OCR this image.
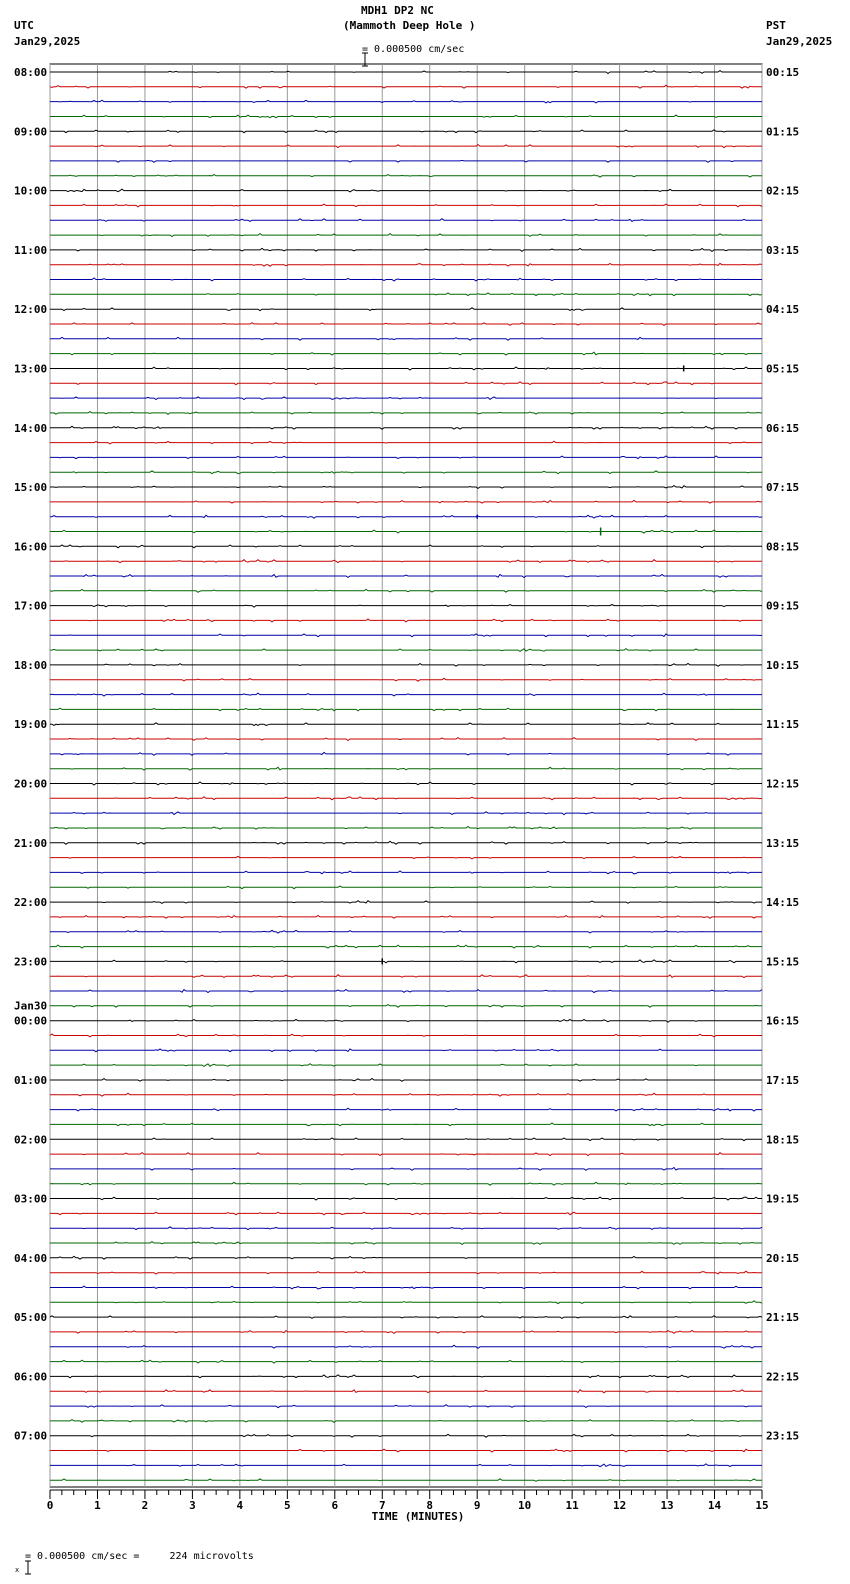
MDH1 DP2 NC
(Mammoth Deep Hole )

= 0.000500 cm/sec
UTC
Jan29,2025
PST
Jan29,2025
08:00
09:00
10:00
11:00
12:00
13:00
14:00
15:00
16:00
17:00
18:00
19:00
20:00
21:00
22:00
23:00
00:00
01:00
02:00
03:00
04:00
05:00
06:00
07:00
Jan30
00:15
01:15
02:15
03:15
04:15
05:15
06:15
07:15
08:15
09:15
10:15
11:15
12:15
13:15
14:15
15:15
16:15
17:15
18:15
19:15
20:15
21:15
22:15
23:15
0	1	2	3	4	5	6	7	8	9	10	11	12	13	14	15
TIME (MINUTES)

x

= 0.000500 cm/sec =     224 microvolts
